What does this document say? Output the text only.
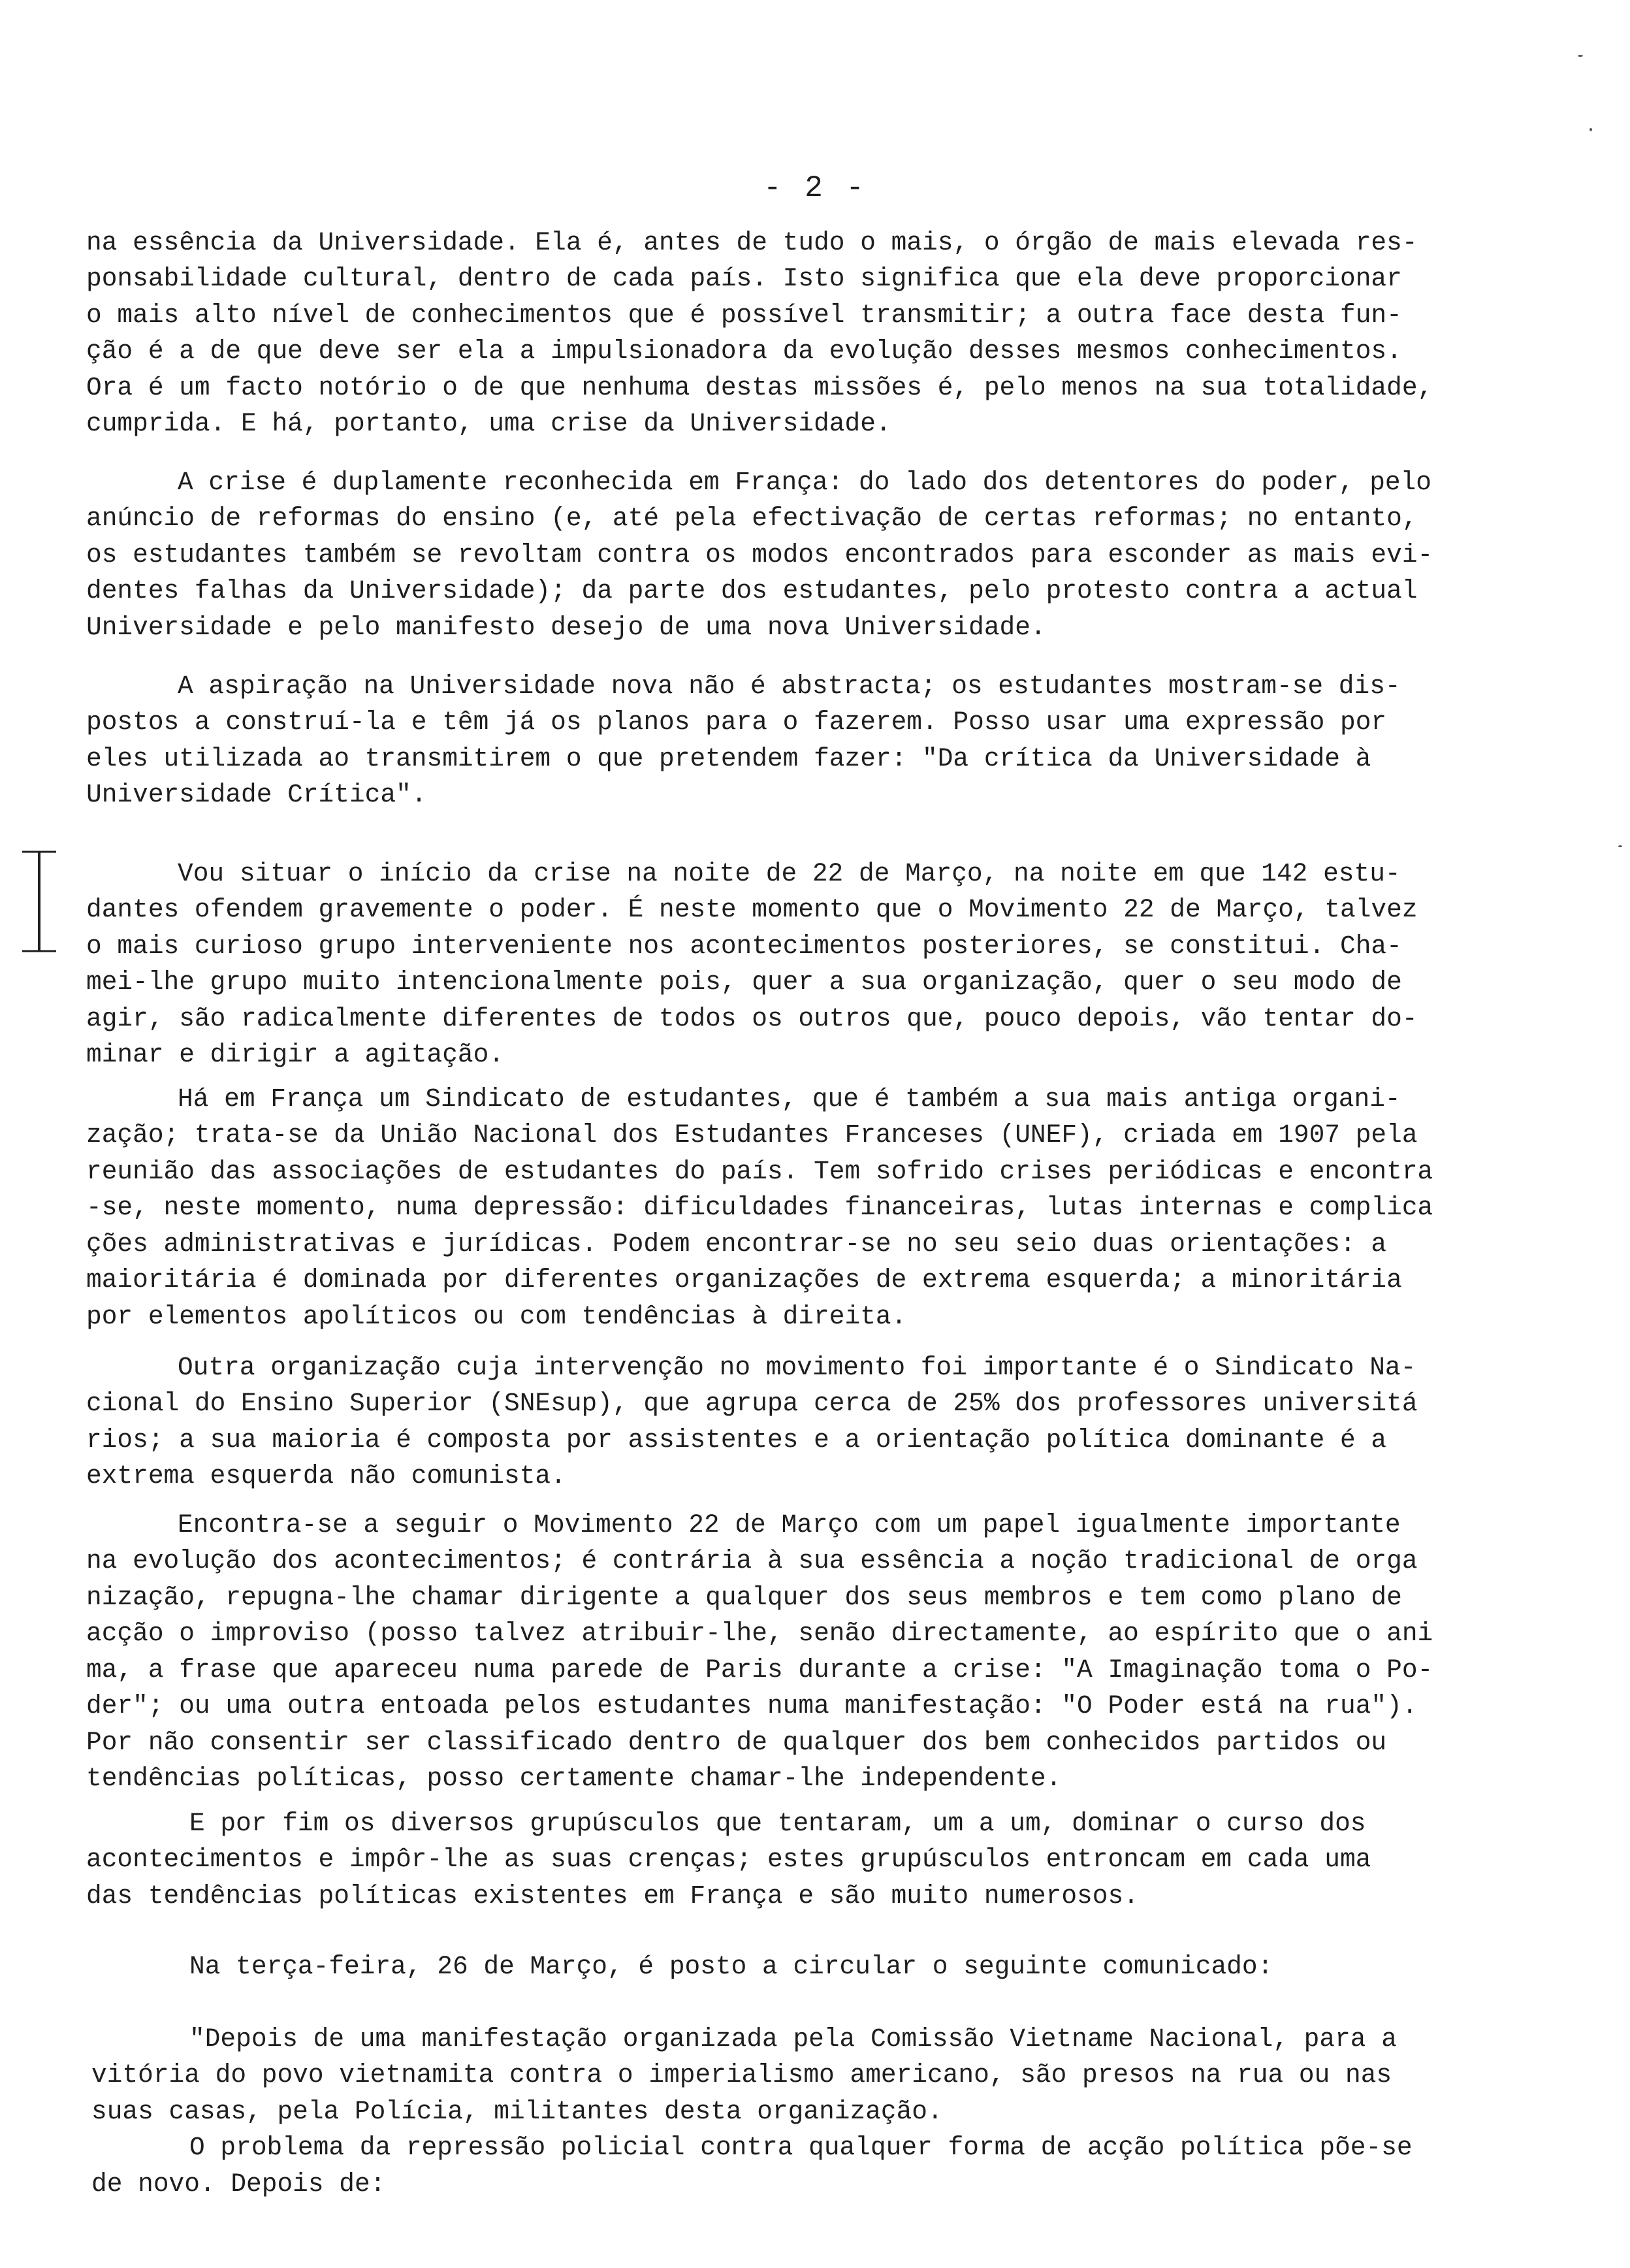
- 2 -
na essência da Universidade. Ela é, antes de tudo o mais, o órgão de mais elevada res-
ponsabilidade cultural, dentro de cada país. Isto significa que ela deve proporcionar
o mais alto nível de conhecimentos que é possível transmitir; a outra face desta fun-
ção é a de que deve ser ela a impulsionadora da evolução desses mesmos conhecimentos.
Ora é um facto notório o de que nenhuma destas missões é, pelo menos na sua totalidade,
cumprida. E há, portanto, uma crise da Universidade.
A crise é duplamente reconhecida em França: do lado dos detentores do poder, pelo
anúncio de reformas do ensino (e, até pela efectivação de certas reformas; no entanto,
os estudantes também se revoltam contra os modos encontrados para esconder as mais evi-
dentes falhas da Universidade); da parte dos estudantes, pelo protesto contra a actual
Universidade e pelo manifesto desejo de uma nova Universidade.
A aspiração na Universidade nova não é abstracta; os estudantes mostram-se dis-
postos a construí-la e têm já os planos para o fazerem. Posso usar uma expressão por
eles utilizada ao transmitirem o que pretendem fazer: "Da crítica da Universidade à
Universidade Crítica".
Vou situar o início da crise na noite de 22 de Março, na noite em que 142 estu-
dantes ofendem gravemente o poder. É neste momento que o Movimento 22 de Março, talvez
o mais curioso grupo interveniente nos acontecimentos posteriores, se constitui. Cha-
mei-lhe grupo muito intencionalmente pois, quer a sua organização, quer o seu modo de
agir, são radicalmente diferentes de todos os outros que, pouco depois, vão tentar do-
minar e dirigir a agitação.
Há em França um Sindicato de estudantes, que é também a sua mais antiga organi-
zação; trata-se da União Nacional dos Estudantes Franceses (UNEF), criada em 1907 pela
reunião das associações de estudantes do país. Tem sofrido crises periódicas e encontra
-se, neste momento, numa depressão: dificuldades financeiras, lutas internas e complica
ções administrativas e jurídicas. Podem encontrar-se no seu seio duas orientações: a
maioritária é dominada por diferentes organizações de extrema esquerda; a minoritária
por elementos apolíticos ou com tendências à direita.
Outra organização cuja intervenção no movimento foi importante é o Sindicato Na-
cional do Ensino Superior (SNEsup), que agrupa cerca de 25% dos professores universitá
rios; a sua maioria é composta por assistentes e a orientação política dominante é a
extrema esquerda não comunista.
Encontra-se a seguir o Movimento 22 de Março com um papel igualmente importante
na evolução dos acontecimentos; é contrária à sua essência a noção tradicional de orga
nização, repugna-lhe chamar dirigente a qualquer dos seus membros e tem como plano de
acção o improviso (posso talvez atribuir-lhe, senão directamente, ao espírito que o ani
ma, a frase que apareceu numa parede de Paris durante a crise: "A Imaginação toma o Po-
der"; ou uma outra entoada pelos estudantes numa manifestação: "O Poder está na rua").
Por não consentir ser classificado dentro de qualquer dos bem conhecidos partidos ou
tendências políticas, posso certamente chamar-lhe independente.
E por fim os diversos grupúsculos que tentaram, um a um, dominar o curso dos
acontecimentos e impôr-lhe as suas crenças; estes grupúsculos entroncam em cada uma
das tendências políticas existentes em França e são muito numerosos.
Na terça-feira, 26 de Março, é posto a circular o seguinte comunicado:
"Depois de uma manifestação organizada pela Comissão Vietname Nacional, para a
vitória do povo vietnamita contra o imperialismo americano, são presos na rua ou nas
suas casas, pela Polícia, militantes desta organização.
O problema da repressão policial contra qualquer forma de acção política põe-se
de novo. Depois de:
